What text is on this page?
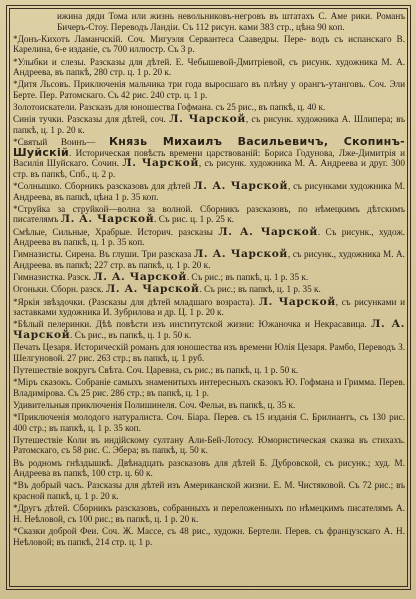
ижина дяди Тома или жизнь невольниковъ-негровъ въ штатахъ С. Аме рики. Романъ Бичеръ-Стоу. Переводъ Ландіи. Съ 112 рисун. ками 383 стр., цѣна 90 коп.

*Донъ-Кихотъ Ламанчскій. Соч. Мигуэля Сервантеса Сааведры. Пере- водъ съ испанскаго В. Карелина, 6-е изданіе, съ 700 иллюстр. Съ 3 р.

*Улыбки и слезы. Разсказы для дѣтей. Е. Чебышевой-Дмитріевой, съ рисунк. художника М. А. Андреева, въ папкѣ, 280 стр. ц. 1 р. 20 к.

*Дитя Льсовъ. Приключенія мальчика три года выросшаго въ плѣну у орангъ-утанговъ. Соч. Эли Берте. Пер. Ратомскаго. Съ 42 рис. 240 стр. ц. 1 р.

Золотоискатели. Разсказъ для юношества Гофмана. съ 25 рис., въ папкѣ, ц. 40 к.

Синія тучки. Разсказы для дѣтей, соч. Л. Чарской, съ рисунк. художника А. Шлипера; въ папкѣ, ц. 1 р. 20 к.

*Святый Воинъ— Князь Михаилъ Васильевичъ, Скопинъ-Шуйскій. Историческая повѣсть времени царствованій: Бориса Годунова, Лже-Димитрія и Василія Шуйскаго. Сочин. Л. Чарской, съ рисунк. художника М. А. Андреева и друг. 300 стр. въ папкѣ, Спб., ц. 2 р.

*Солнышко. Сборникъ разсказовъ для дѣтей Л. А. Чарской, съ рисунками художника М. Андреева, въ папкѣ, цѣна 1 р. 35 коп.

*Струйка за струйкой—волна за волной. Сборникъ разсказовъ, по нѣмецкимъ дѣтскимъ писателямъ Л. А. Чарской. Съ рис. ц. 1 р. 25 к.

Смѣлые, Сильные, Храбрые. Историч. разсказы Л. А. Чарской. Съ рисунк., худож. Андреева въ папкѣ, ц. 1 р. 35 коп.

Гимназисты. Сирена. Въ глуши. Три разсказа Л. А. Чарской, съ рисунк., художника М. А. Андреева. въ папкѣ; 227 стр. въ папкѣ, ц. 1 р. 20 к.

Гимназистка. Разск. Л. А. Чарской. Съ рис.; въ папкѣ, ц. 1 р. 35 к.

Огоньки. Сборн. разск. Л. А. Чарской. Съ рис.; въ папкѣ, ц. 1 р. 35 к.

*Яркія звѣздочки. (Разсказы для дѣтей младшаго возраста). Л. Чарской, съ рисунками и заставками художника И. Зубрилова и др. Ц. 1 р. 20 к.

*Бѣлый пелеринки. Дѣѣ повѣсти изъ институтской жизни: Южаночка и Некрасавица. Л. А. Чарской. Съ рис., въ папкѣ, ц. 1 р. 50 к.

Печать Цезаря. Историческій романъ для юношества изъ времени Юлія Цезаря. Рамбо, Переводъ З. Шелгуновой. 27 рис. 263 стр.; въ папкѣ, ц. 1 руб.

Путешествіе вокругъ Свѣта. Соч. Царевна, съ рис.; въ папкѣ, ц. 1 р. 50 к.

*Міръ сказокъ. Собраніе самыхъ знаменитыхъ интересныхъ сказокъ Ю. Гофмана и Гримма. Перев. Владимірова. Съ 25 рис. 286 стр.; въ папкѣ, ц. 1 р.

Удивительныя приключенія Полишинеля. Соч. Фельи, въ папкѣ, ц. 35 к.

*Приключенія молодого натуралиста. Соч. Біара. Перев. съ 15 изданія С. Брилиантъ, съ 130 рис. 400 стр.; въ папкѣ, ц. 1 р. 35 коп.

Путешествіе Коли въ индійскому султану Али-Бей-Лотосу. Юмористическая сказка въ стихахъ. Ратомскаго, съ 58 рис. С. Эбера; въ папкѣ, ц. 50 к.

Въ родномъ гнѣздышкѣ. Двѣнадцать разсказовъ для дѣтей Б. Дубровской, съ рисунк.; худ. М. Андреева въ папкѣ, 100 стр. ц. 60 к.

*Въ добрый часъ. Разсказы для дѣтей изъ Американской жизни. Е. М. Чистяковой. Съ 72 рис.; въ красной папкѣ, ц. 1 р. 20 к.

*Другъ дѣтей. Сборникъ разсказовъ, собранныхъ и переложенныхъ по нѣмецкимъ писателямъ А. Н. Неѣловой, съ 100 рис.; въ папкѣ, ц. 1 р. 20 к.

*Сказки доброй Феи. Соч. Ж. Массе, съ 48 рис., художн. Бертели. Перев. съ французскаго А. Н. Неѣловой; въ папкѣ, 214 стр. ц. 1 р.
